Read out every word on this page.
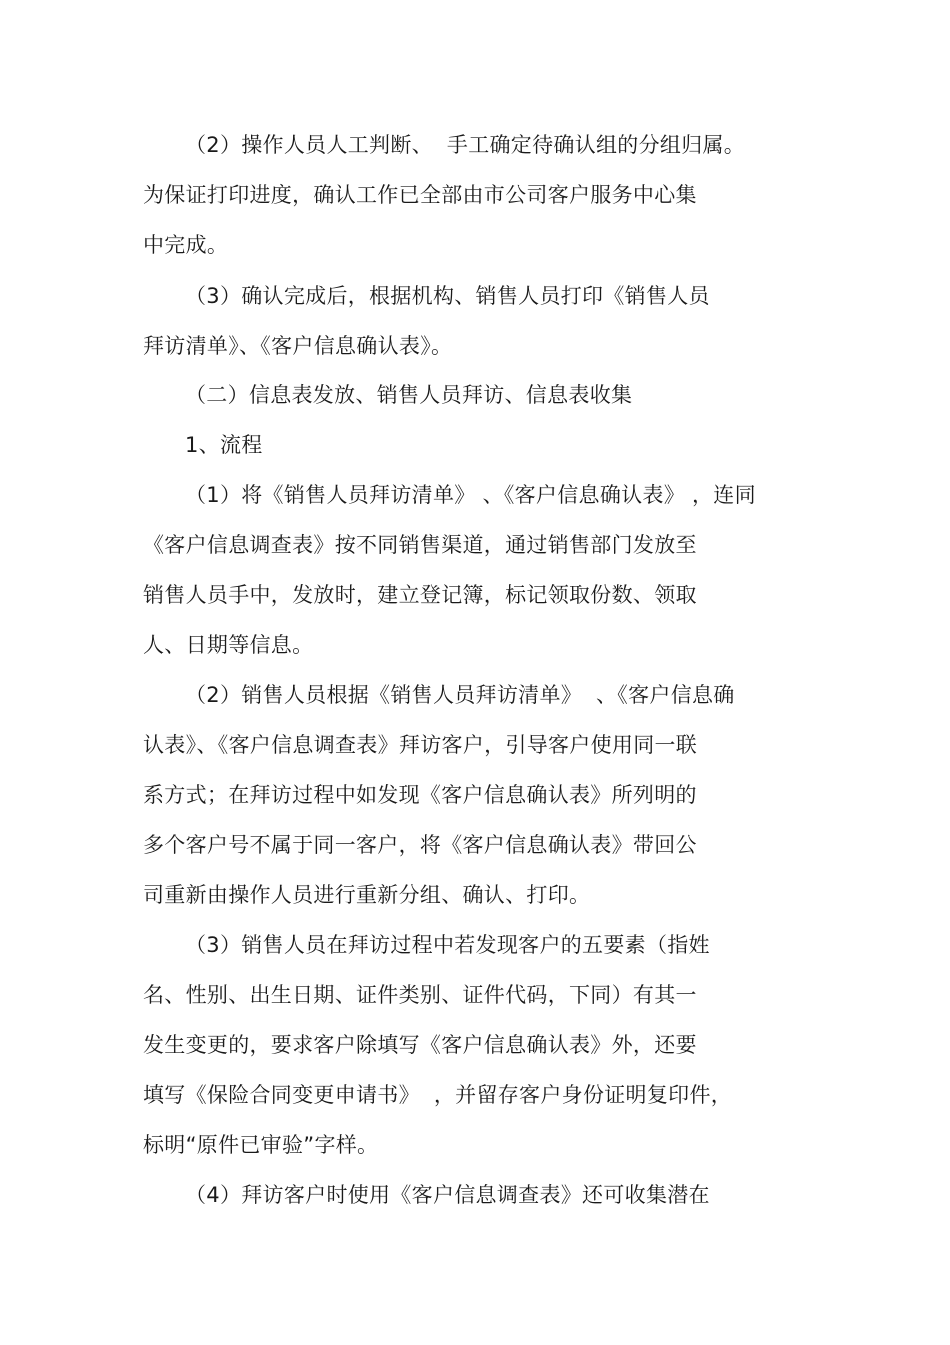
（2）操作人员人工判断、  手工确定待确认组的分组归属。
为保证打印进度，确认工作已全部由市公司客户服务中心集
中完成。
（3）确认完成后，根据机构、销售人员打印《销售人员
拜访清单》、《客户信息确认表》。
（二）信息表发放、销售人员拜访、信息表收集
1、流程
（1）将《销售人员拜访清单》 、《客户信息确认表》 ，连同
《客户信息调查表》按不同销售渠道，通过销售部门发放至
销售人员手中，发放时，建立登记簿，标记领取份数、领取
人、日期等信息。
（2）销售人员根据《销售人员拜访清单》  、《客户信息确
认表》、《客户信息调查表》拜访客户，引导客户使用同一联
系方式；在拜访过程中如发现《客户信息确认表》所列明的
多个客户号不属于同一客户，将《客户信息确认表》带回公
司重新由操作人员进行重新分组、确认、打印。
（3）销售人员在拜访过程中若发现客户的五要素（指姓
名、性别、出生日期、证件类别、证件代码，下同）有其一
发生变更的，要求客户除填写《客户信息确认表》外，还要
填写《保险合同变更申请书》  ，并留存客户身份证明复印件，
标明“原件已审验”字样。
（4）拜访客户时使用《客户信息调查表》还可收集潜在
